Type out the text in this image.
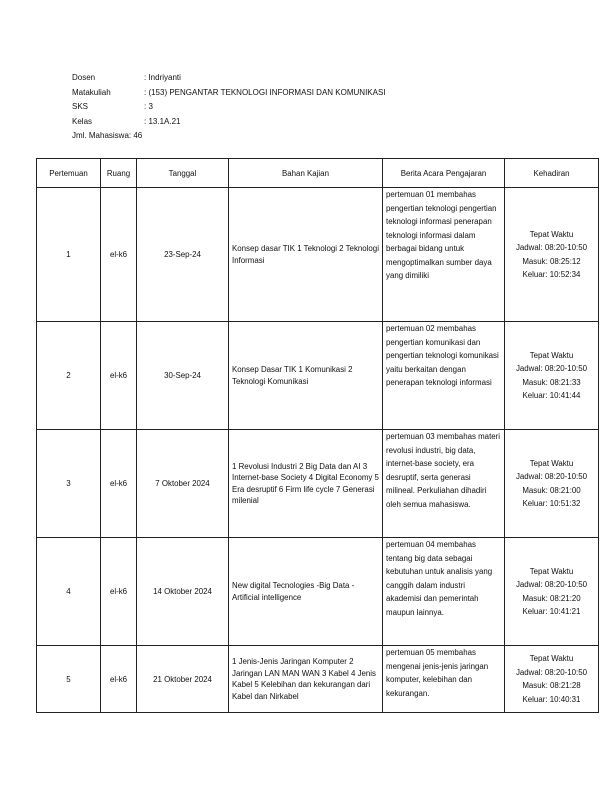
Dosen	: Indriyanti
Matakuliah	: (153) PENGANTAR TEKNOLOGI INFORMASI DAN KOMUNIKASI
SKS	: 3
Kelas	: 13.1A.21
Jml. Mahasiswa : 46
Pertemuan	Ruang	Tanggal	Bahan Kajian	Berita Acara Pengajaran	Kehadiran
1	el-k6	23-Sep-24	Konsep dasar TIK 1 Teknologi 2 Teknologi Informasi	pertemuan 01 membahas pengertian teknologi pengertian teknologi informasi penerapan teknologi informasi dalam berbagai bidang untuk mengoptimalkan sumber daya yang dimiliki	Tepat Waktu
Jadwal: 08:20-10:50
Masuk: 08:25:12
Keluar: 10:52:34

2	el-k6	30-Sep-24	Konsep Dasar TIK 1 Komunikasi 2 Teknologi Komunikasi	pertemuan 02 membahas pengertian komunikasi dan pengertian teknologi komunikasi yaitu berkaitan dengan penerapan teknologi informasi	Tepat Waktu
Jadwal: 08:20-10:50
Masuk: 08:21:33
Keluar: 10:41:44

3	el-k6	7 Oktober 2024	1 Revolusi Industri 2 Big Data dan AI 3 Internet-base Society 4 Digital Economy 5 Era desruptif 6 Firm life cycle 7 Generasi milenial	pertemuan 03 membahas materi revolusi industri, big data, internet-base society, era desruptif, serta generasi milineal. Perkuliahan dihadiri oleh semua mahasiswa.	Tepat Waktu
Jadwal: 08:20-10:50
Masuk: 08:21:00
Keluar: 10:51:32

4	el-k6	14 Oktober 2024	New digital Tecnologies -Big Data -Artificial intelligence	pertemuan 04 membahas tentang big data sebagai kebutuhan untuk analisis yang canggih dalam industri akademisi dan pemerintah maupun lainnya.	Tepat Waktu
Jadwal: 08:20-10:50
Masuk: 08:21:20
Keluar: 10:41:21

5	el-k6	21 Oktober 2024	1 Jenis-Jenis Jaringan Komputer 2 Jaringan LAN MAN WAN 3 Kabel 4 Jenis Kabel 5 Kelebihan dan kekurangan dari Kabel dan Nirkabel	pertemuan 05 membahas mengenai jenis-jenis jaringan komputer, kelebihan dan kekurangan.	Tepat Waktu
Jadwal: 08:20-10:50
Masuk: 08:21:28
Keluar: 10:40:31
